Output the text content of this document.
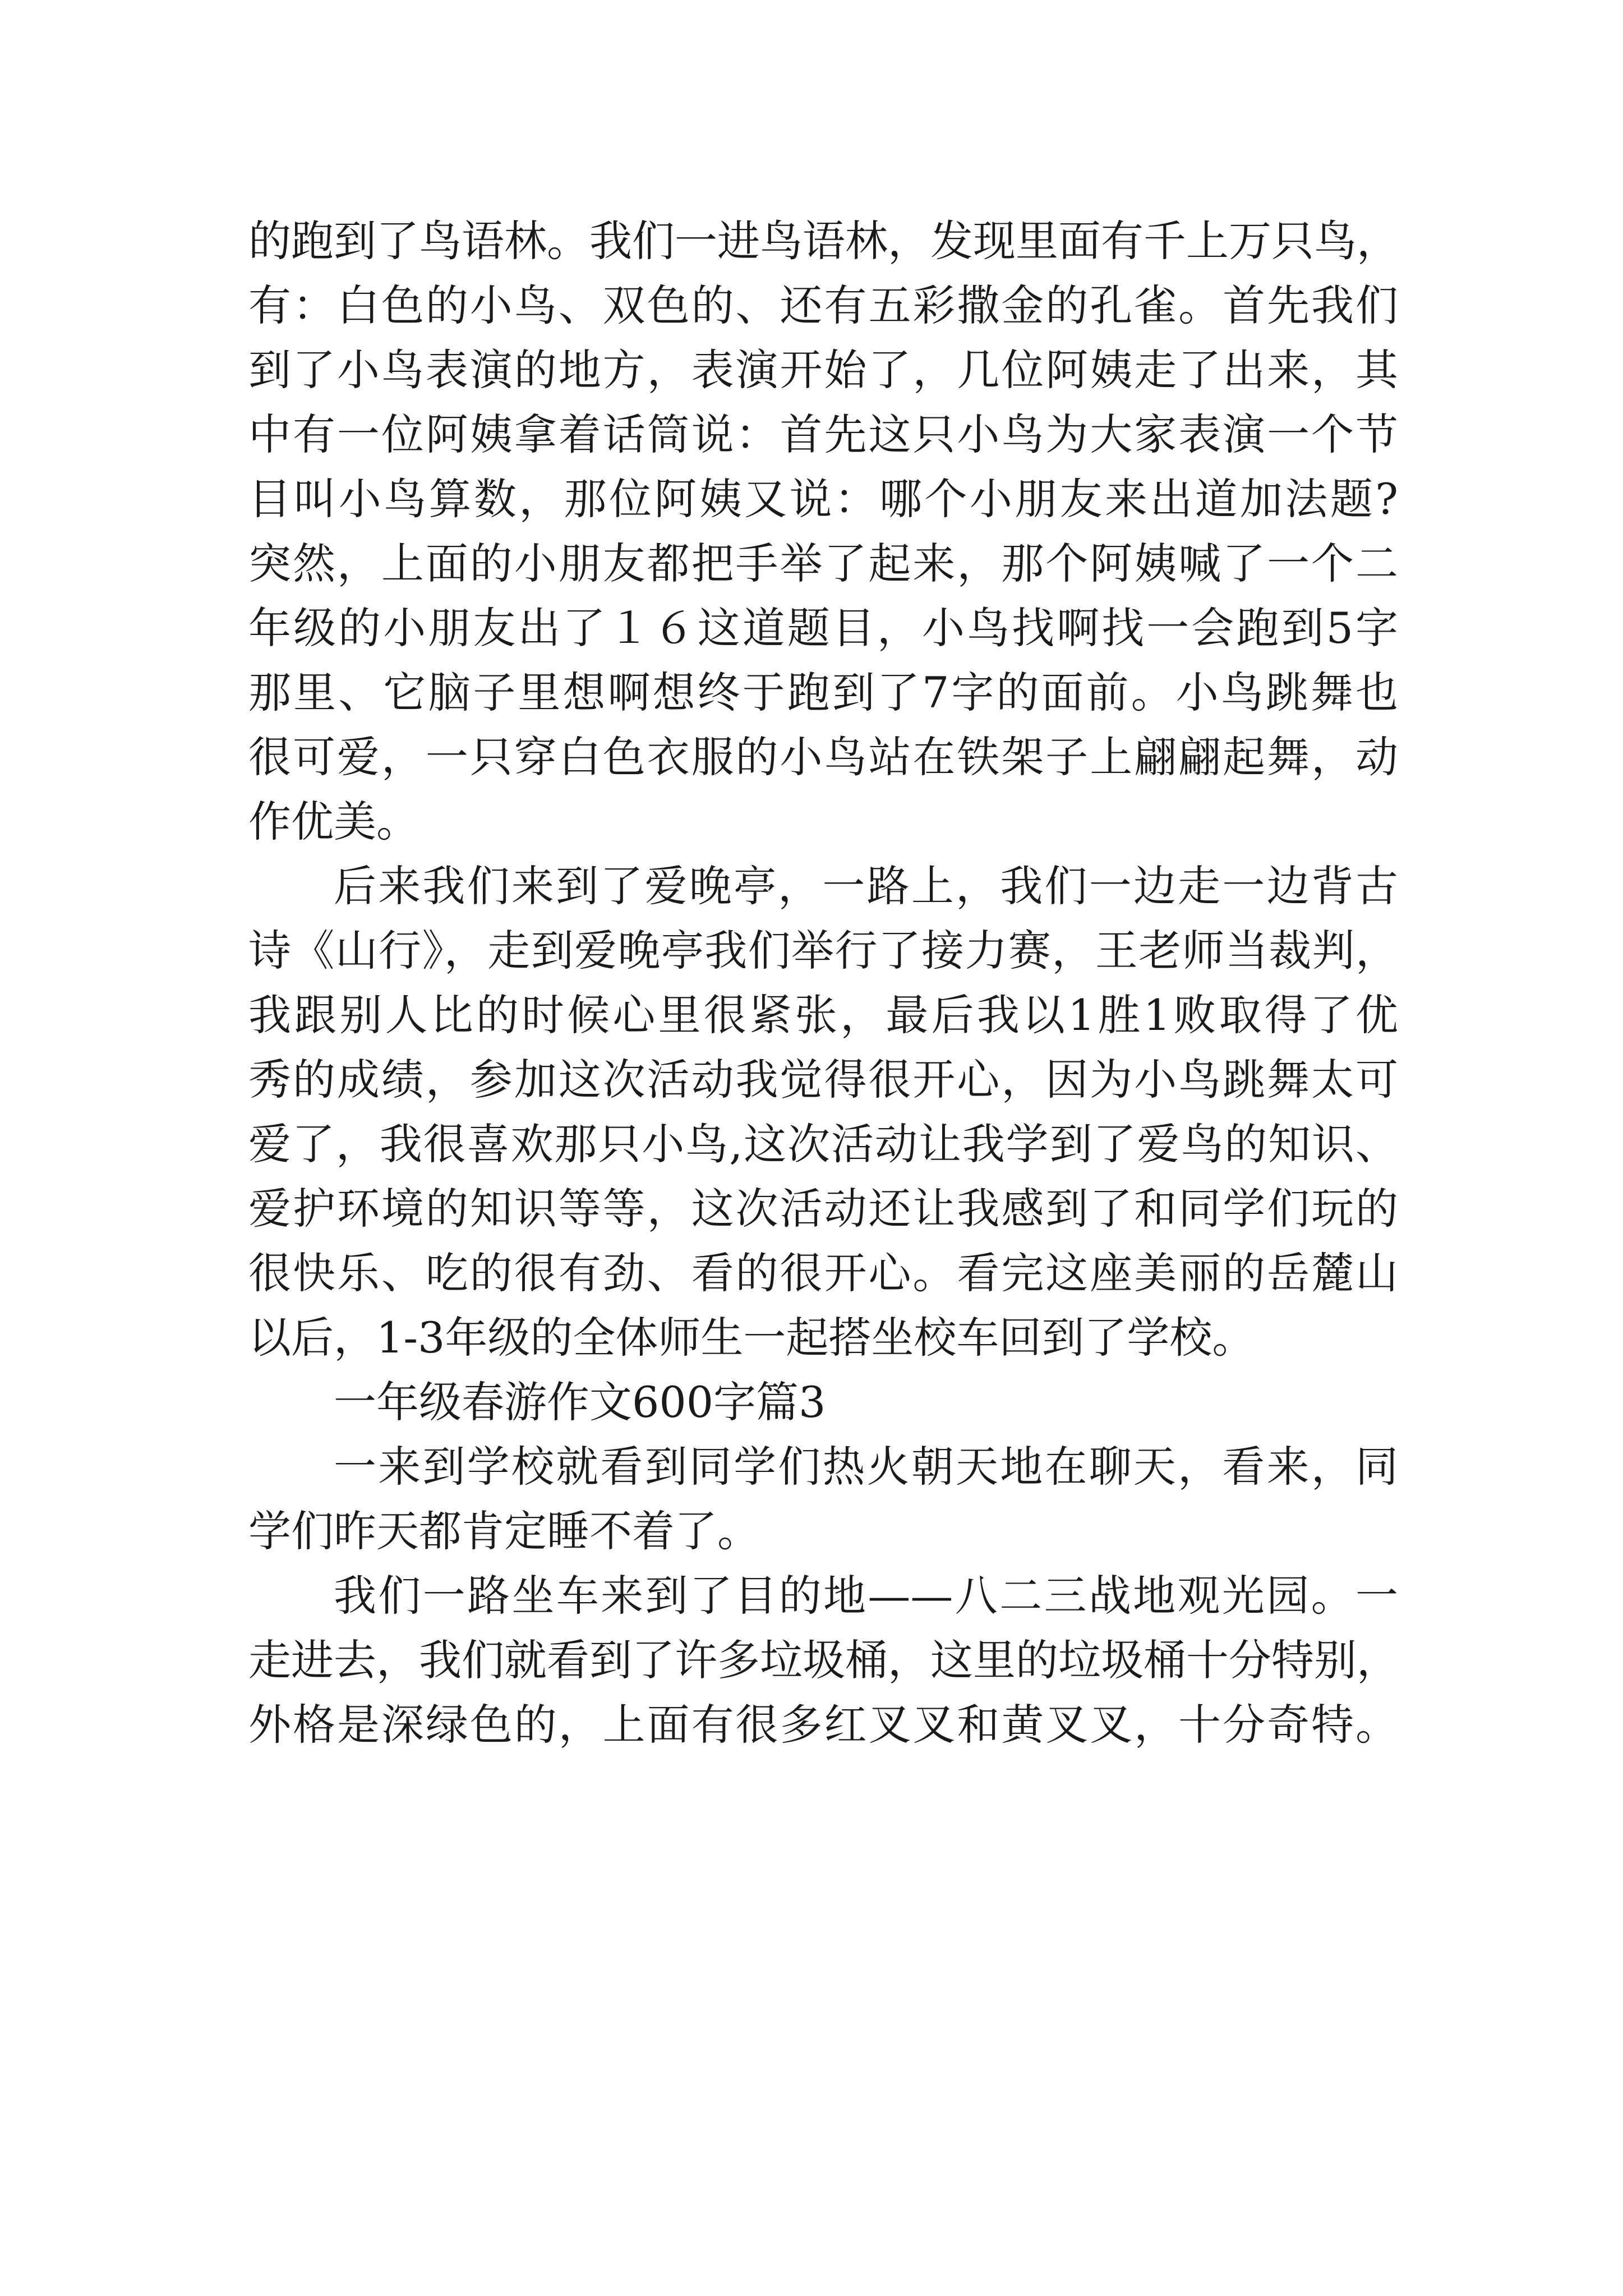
的跑到了鸟语林。我们一进鸟语林，发现里面有千上万只鸟，
有：白色的小鸟、双色的、还有五彩撒金的孔雀。首先我们
到了小鸟表演的地方，表演开始了，几位阿姨走了出来，其
中有一位阿姨拿着话筒说：首先这只小鸟为大家表演一个节
目叫小鸟算数，那位阿姨又说：哪个小朋友来出道加法题?
突然，上面的小朋友都把手举了起来，那个阿姨喊了一个二
年级的小朋友出了１６这道题目，小鸟找啊找一会跑到5字
那里、它脑子里想啊想终于跑到了7字的面前。小鸟跳舞也
很可爱，一只穿白色衣服的小鸟站在铁架子上翩翩起舞，动
作优美。
后来我们来到了爱晚亭，一路上，我们一边走一边背古
诗《山行》，走到爱晚亭我们举行了接力赛，王老师当裁判，
我跟别人比的时候心里很紧张，最后我以1胜1败取得了优
秀的成绩，参加这次活动我觉得很开心，因为小鸟跳舞太可
爱了，我很喜欢那只小鸟,这次活动让我学到了爱鸟的知识、
爱护环境的知识等等，这次活动还让我感到了和同学们玩的
很快乐、吃的很有劲、看的很开心。看完这座美丽的岳麓山
以后，1-3年级的全体师生一起搭坐校车回到了学校。
一年级春游作文600字篇3
一来到学校就看到同学们热火朝天地在聊天，看来，同
学们昨天都肯定睡不着了。
我们一路坐车来到了目的地——八二三战地观光园。一
走进去，我们就看到了许多垃圾桶，这里的垃圾桶十分特别，
外格是深绿色的，上面有很多红叉叉和黄叉叉，十分奇特。
